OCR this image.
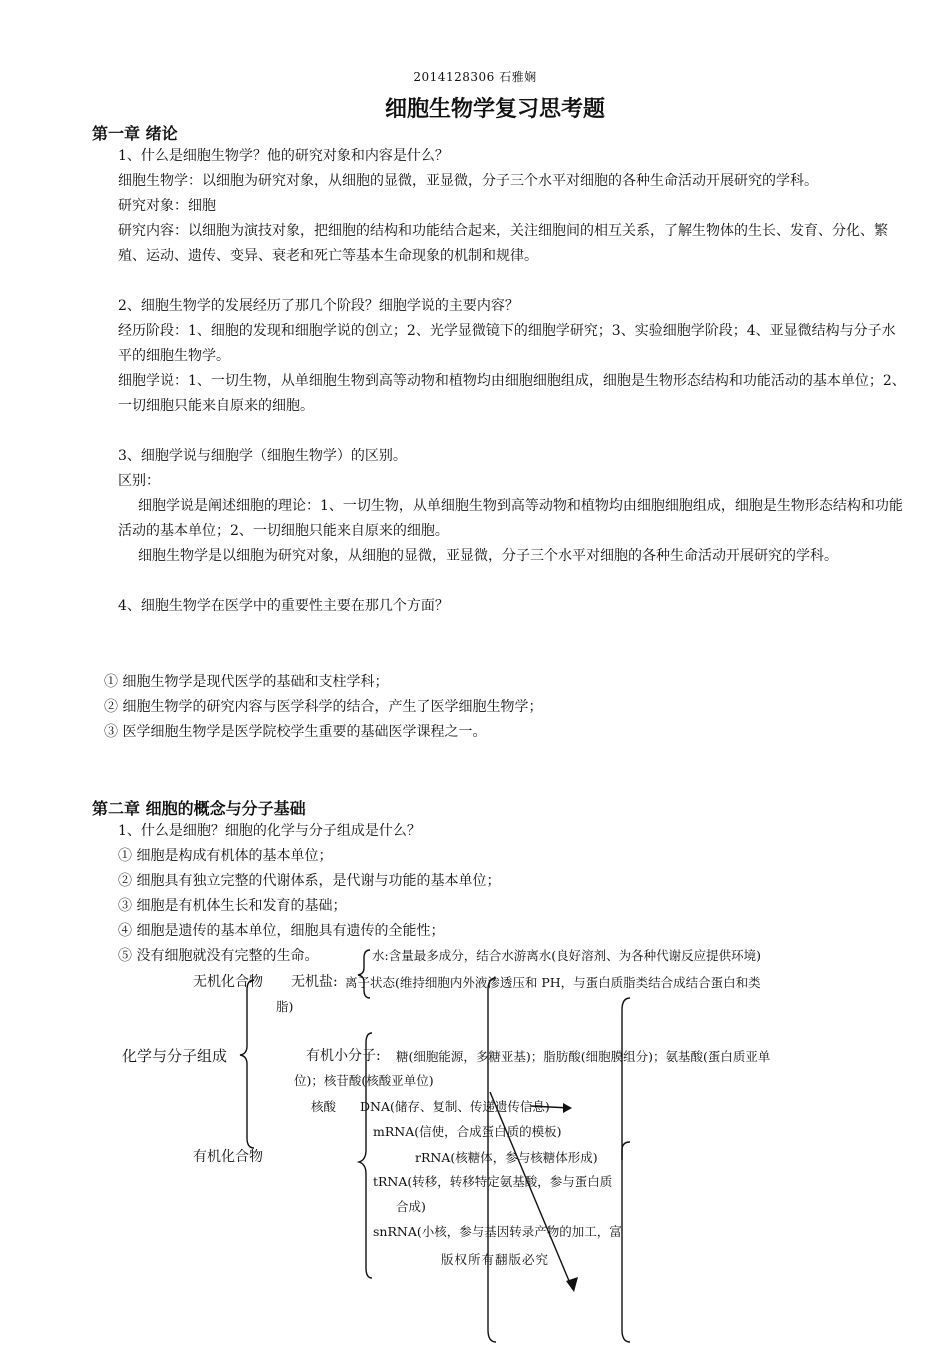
2014128306 石雅娴
细胞生物学复习思考题
第一章 绪论
1、什么是细胞生物学？他的研究对象和内容是什么？
细胞生物学：以细胞为研究对象，从细胞的显微，亚显微，分子三个水平对细胞的各种生命活动开展研究的学科。
研究对象：细胞
研究内容：以细胞为演技对象，把细胞的结构和功能结合起来，关注细胞间的相互关系，了解生物体的生长、发育、分化、繁殖、运动、遗传、变异、衰老和死亡等基本生命现象的机制和规律。

2、细胞生物学的发展经历了那几个阶段？细胞学说的主要内容？
经历阶段：1、细胞的发现和细胞学说的创立；2、光学显微镜下的细胞学研究；3、实验细胞学阶段；4、亚显微结构与分子水平的细胞生物学。
细胞学说：1、一切生物，从单细胞生物到高等动物和植物均由细胞细胞组成，细胞是生物形态结构和功能活动的基本单位；2、一切细胞只能来自原来的细胞。

3、细胞学说与细胞学（细胞生物学）的区别。
区别：
细胞学说是阐述细胞的理论：1、一切生物，从单细胞生物到高等动物和植物均由细胞细胞组成，细胞是生物形态结构和功能活动的基本单位；2、一切细胞只能来自原来的细胞。
细胞生物学是以细胞为研究对象，从细胞的显微，亚显微，分子三个水平对细胞的各种生命活动开展研究的学科。

4、细胞生物学在医学中的重要性主要在那几个方面？
① 细胞生物学是现代医学的基础和支柱学科；
② 细胞生物学的研究内容与医学科学的结合，产生了医学细胞生物学；
③ 医学细胞生物学是医学院校学生重要的基础医学课程之一。
第二章 细胞的概念与分子基础
1、什么是细胞？细胞的化学与分子组成是什么？
① 细胞是构成有机体的基本单位；
② 细胞具有独立完整的代谢体系，是代谢与功能的基本单位；
③ 细胞是有机体生长和发育的基础；
④ 细胞是遗传的基本单位，细胞具有遗传的全能性；
⑤ 没有细胞就没有完整的生命。	水:含量最多成分，结合水游离水(良好溶剂、为各种代谢反应提供环境)
无机化合物 无机盐: 离子状态(维持细胞内外液渗透压和 PH，与蛋白质脂类结合成结合蛋白和类
脂)
化学与分子组成	有机小分子: 糖(细胞能源，多糖亚基)；脂肪酸(细胞膜组分)；氨基酸(蛋白质亚单
位)；核苷酸(核酸亚单位)
核酸 DNA(储存、复制、传递遗传信息)
mRNA(信使，合成蛋白质的模板)
有机化合物	rRNA(核糖体，参与核糖体形成)
tRNA(转移，转移特定氨基酸，参与蛋白质
合成)
snRNA(小核，参与基因转录产物的加工，富
版权所有翻版必究
